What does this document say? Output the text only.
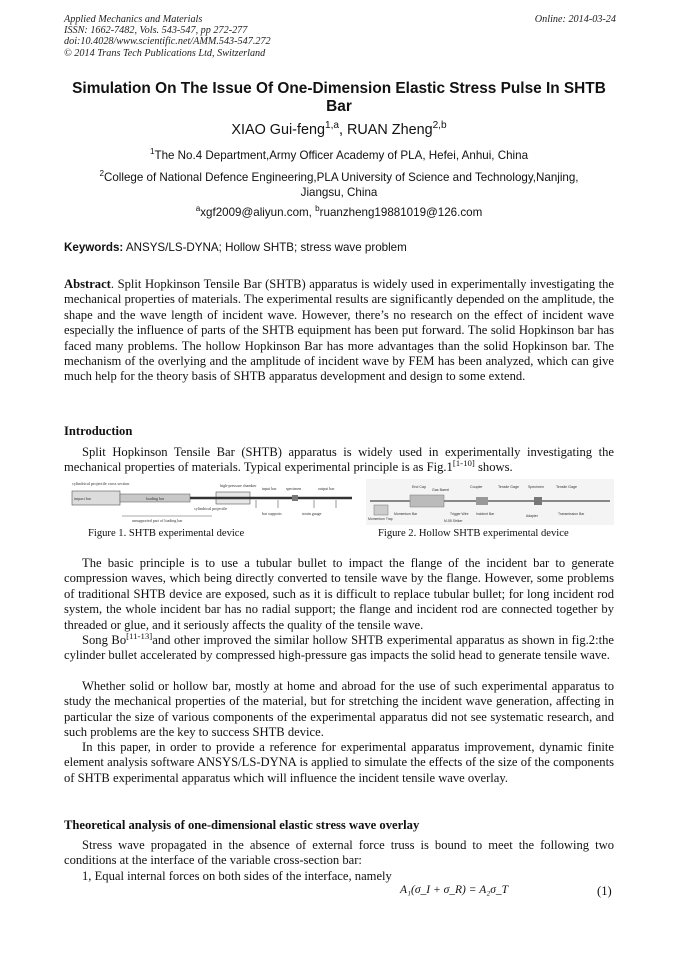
Applied Mechanics and Materials	Online: 2014-03-24
ISSN: 1662-7482, Vols. 543-547, pp 272-277
doi:10.4028/www.scientific.net/AMM.543-547.272
© 2014 Trans Tech Publications Ltd, Switzerland
Simulation On The Issue Of One-Dimension Elastic Stress Pulse In SHTB Bar
XIAO Gui-feng$^{1,a}$, RUAN Zheng$^{2,b}$
$^1$The No.4 Department,Army Officer Academy of PLA, Hefei, Anhui, China
$^2$College of National Defence Engineering,PLA University of Science and Technology,Nanjing, Jiangsu, China
$^a$xgf2009@aliyun.com, $^b$ruanzheng19881019@126.com
Keywords: ANSYS/LS-DYNA; Hollow SHTB; stress wave problem
Abstract. Split Hopkinson Tensile Bar (SHTB) apparatus is widely used in experimentally investigating the mechanical properties of materials. The experimental results are significantly depended on the amplitude, the shape and the wave length of incident wave. However, there’s no research on the effect of incident wave especially the influence of parts of the SHTB equipment has been put forward. The solid Hopkinson bar has faced many problems. The hollow Hopkinson Bar has more advantages than the solid Hopkinson bar. The mechanism of the overlying and the amplitude of incident wave by FEM has been analyzed, which can give much help for the theory basis of SHTB apparatus development and design to some extend.
Introduction
Split Hopkinson Tensile Bar (SHTB) apparatus is widely used in experimentally investigating the mechanical properties of materials. Typical experimental principle is as Fig.1[1-10] shows.
cylindrical projectile cross section	high-pressure chamber
input bar specimen	output bar
impact bar	loading bar
cylindrical projectile
bar supports	strain gauge
unsupported part of loading bar
Figure 1. SHTB experimental device
End Cap
Gas Barrel
Coupler	Tensile Gage	Specimen	Tensile Gage
Momentum Trap
Momentum Bar	Trigger Wire Incident Bar	Adapter	Transmission Bar
M-55 Striker
Figure 2. Hollow SHTB experimental device
The basic principle is to use a tubular bullet to impact the flange of the incident bar to generate compression waves, which being directly converted to tensile wave by the flange. However, some problems of traditional SHTB device are exposed, such as it is difficult to replace tubular bullet; for long incident rod system, the whole incident bar has no radial support; the flange and incident rod are connected together by threaded or glue, and it seriously affects the quality of the tensile wave.
Song Bo[11-13]and other improved the similar hollow SHTB experimental apparatus as shown in fig.2:the cylinder bullet accelerated by compressed high-pressure gas impacts the solid head to generate tensile wave.
Whether solid or hollow bar, mostly at home and abroad for the use of such experimental apparatus to study the mechanical properties of the material, but for stretching the incident wave generation, affecting in particular the size of various components of the experimental apparatus did not see systematic research, and such problems are the key to success SHTB device.
In this paper, in order to provide a reference for experimental apparatus improvement, dynamic finite element analysis software ANSYS/LS-DYNA is applied to simulate the effects of the size of the components of SHTB experimental apparatus which will influence the incident tensile wave overlay.
Theoretical analysis of one-dimensional elastic stress wave overlay
Stress wave propagated in the absence of external force truss is bound to meet the following two conditions at the interface of the variable cross-section bar:
1, Equal internal forces on both sides of the interface, namely
A₁(σ_I + σ_R) = A₂σ_T	(1)
